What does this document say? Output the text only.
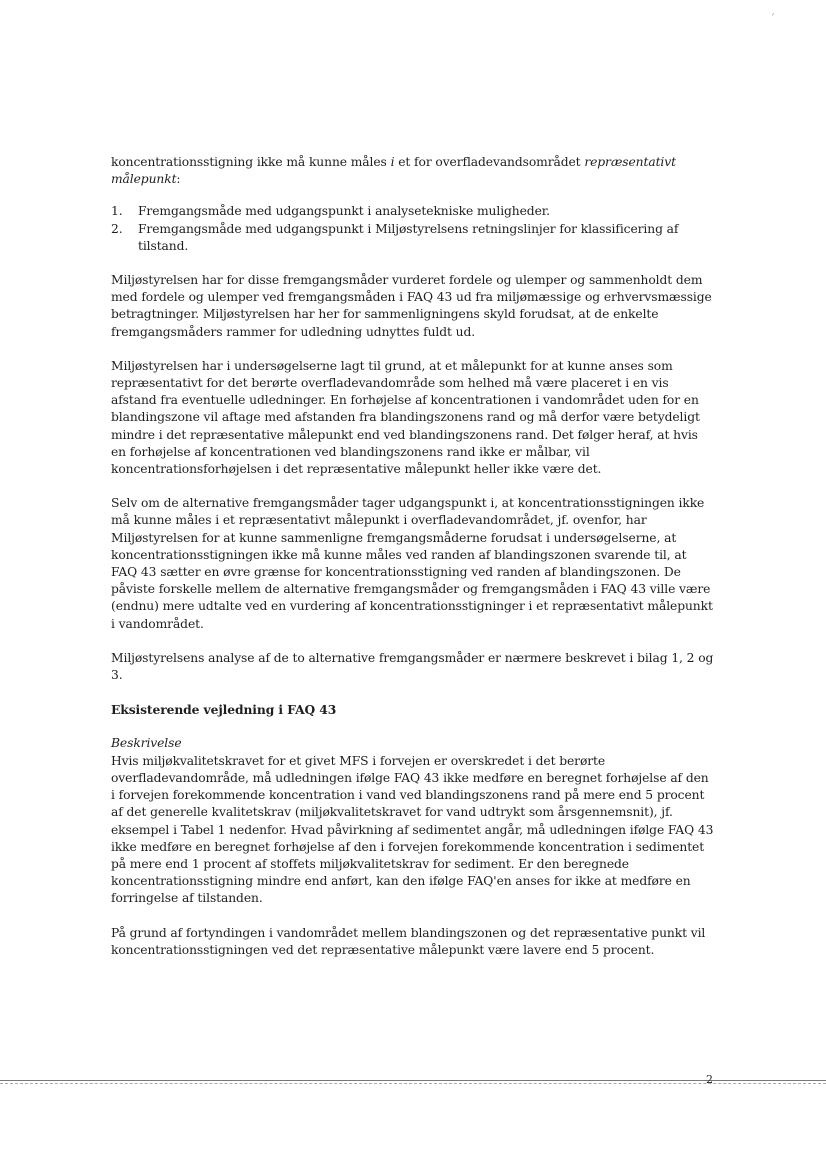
ˊ

koncentrationsstigning ikke må kunne måles i et for overfladevandsområdet repræsentativt målepunkt:

1.	Fremgangsmåde med udgangspunkt i analysetekniske muligheder.
2.	Fremgangsmåde med udgangspunkt i Miljøstyrelsens retningslinjer for klassificering af tilstand.

Miljøstyrelsen har for disse fremgangsmåder vurderet fordele og ulemper og sammenholdt dem med fordele og ulemper ved fremgangsmåden i FAQ 43 ud fra miljømæssige og erhvervsmæssige betragtninger. Miljøstyrelsen har her for sammenligningens skyld forudsat, at de enkelte fremgangsmåders rammer for udledning udnyttes fuldt ud.

Miljøstyrelsen har i undersøgelserne lagt til grund, at et målepunkt for at kunne anses som repræsentativt for det berørte overfladevandområde som helhed må være placeret i en vis afstand fra eventuelle udledninger. En forhøjelse af koncentrationen i vandområdet uden for en blandingszone vil aftage med afstanden fra blandingszonens rand og må derfor være betydeligt mindre i det repræsentative målepunkt end ved blandingszonens rand. Det følger heraf, at hvis en forhøjelse af koncentrationen ved blandingszonens rand ikke er målbar, vil koncentrationsforhøjelsen i det repræsentative målepunkt heller ikke være det.

Selv om de alternative fremgangsmåder tager udgangspunkt i, at koncentrationsstigningen ikke må kunne måles i et repræsentativt målepunkt i overfladevandområdet, jf. ovenfor, har Miljøstyrelsen for at kunne sammenligne fremgangsmåderne forudsat i undersøgelserne, at koncentrationsstigningen ikke må kunne måles ved randen af blandingszonen svarende til, at FAQ 43 sætter en øvre grænse for koncentrationsstigning ved randen af blandingszonen. De påviste forskelle mellem de alternative fremgangsmåder og fremgangsmåden i FAQ 43 ville være (endnu) mere udtalte ved en vurdering af koncentrationsstigninger i et repræsentativt målepunkt i vandområdet.

Miljøstyrelsens analyse af de to alternative fremgangsmåder er nærmere beskrevet i bilag 1, 2 og 3.

Eksisterende vejledning i FAQ 43

Beskrivelse
Hvis miljøkvalitetskravet for et givet MFS i forvejen er overskredet i det berørte overfladevandområde, må udledningen ifølge FAQ 43 ikke medføre en beregnet forhøjelse af den i forvejen forekommende koncentration i vand ved blandingszonens rand på mere end 5 procent af det generelle kvalitetskrav (miljøkvalitetskravet for vand udtrykt som årsgennemsnit), jf. eksempel i Tabel 1 nedenfor. Hvad påvirkning af sedimentet angår, må udledningen ifølge FAQ 43 ikke medføre en beregnet forhøjelse af den i forvejen forekommende koncentration i sedimentet på mere end 1 procent af stoffets miljøkvalitetskrav for sediment. Er den beregnede koncentrationsstigning mindre end anført, kan den ifølge FAQ'en anses for ikke at medføre en forringelse af tilstanden.

På grund af fortyndingen i vandområdet mellem blandingszonen og det repræsentative punkt vil koncentrationsstigningen ved det repræsentative målepunkt være lavere end 5 procent.

2
